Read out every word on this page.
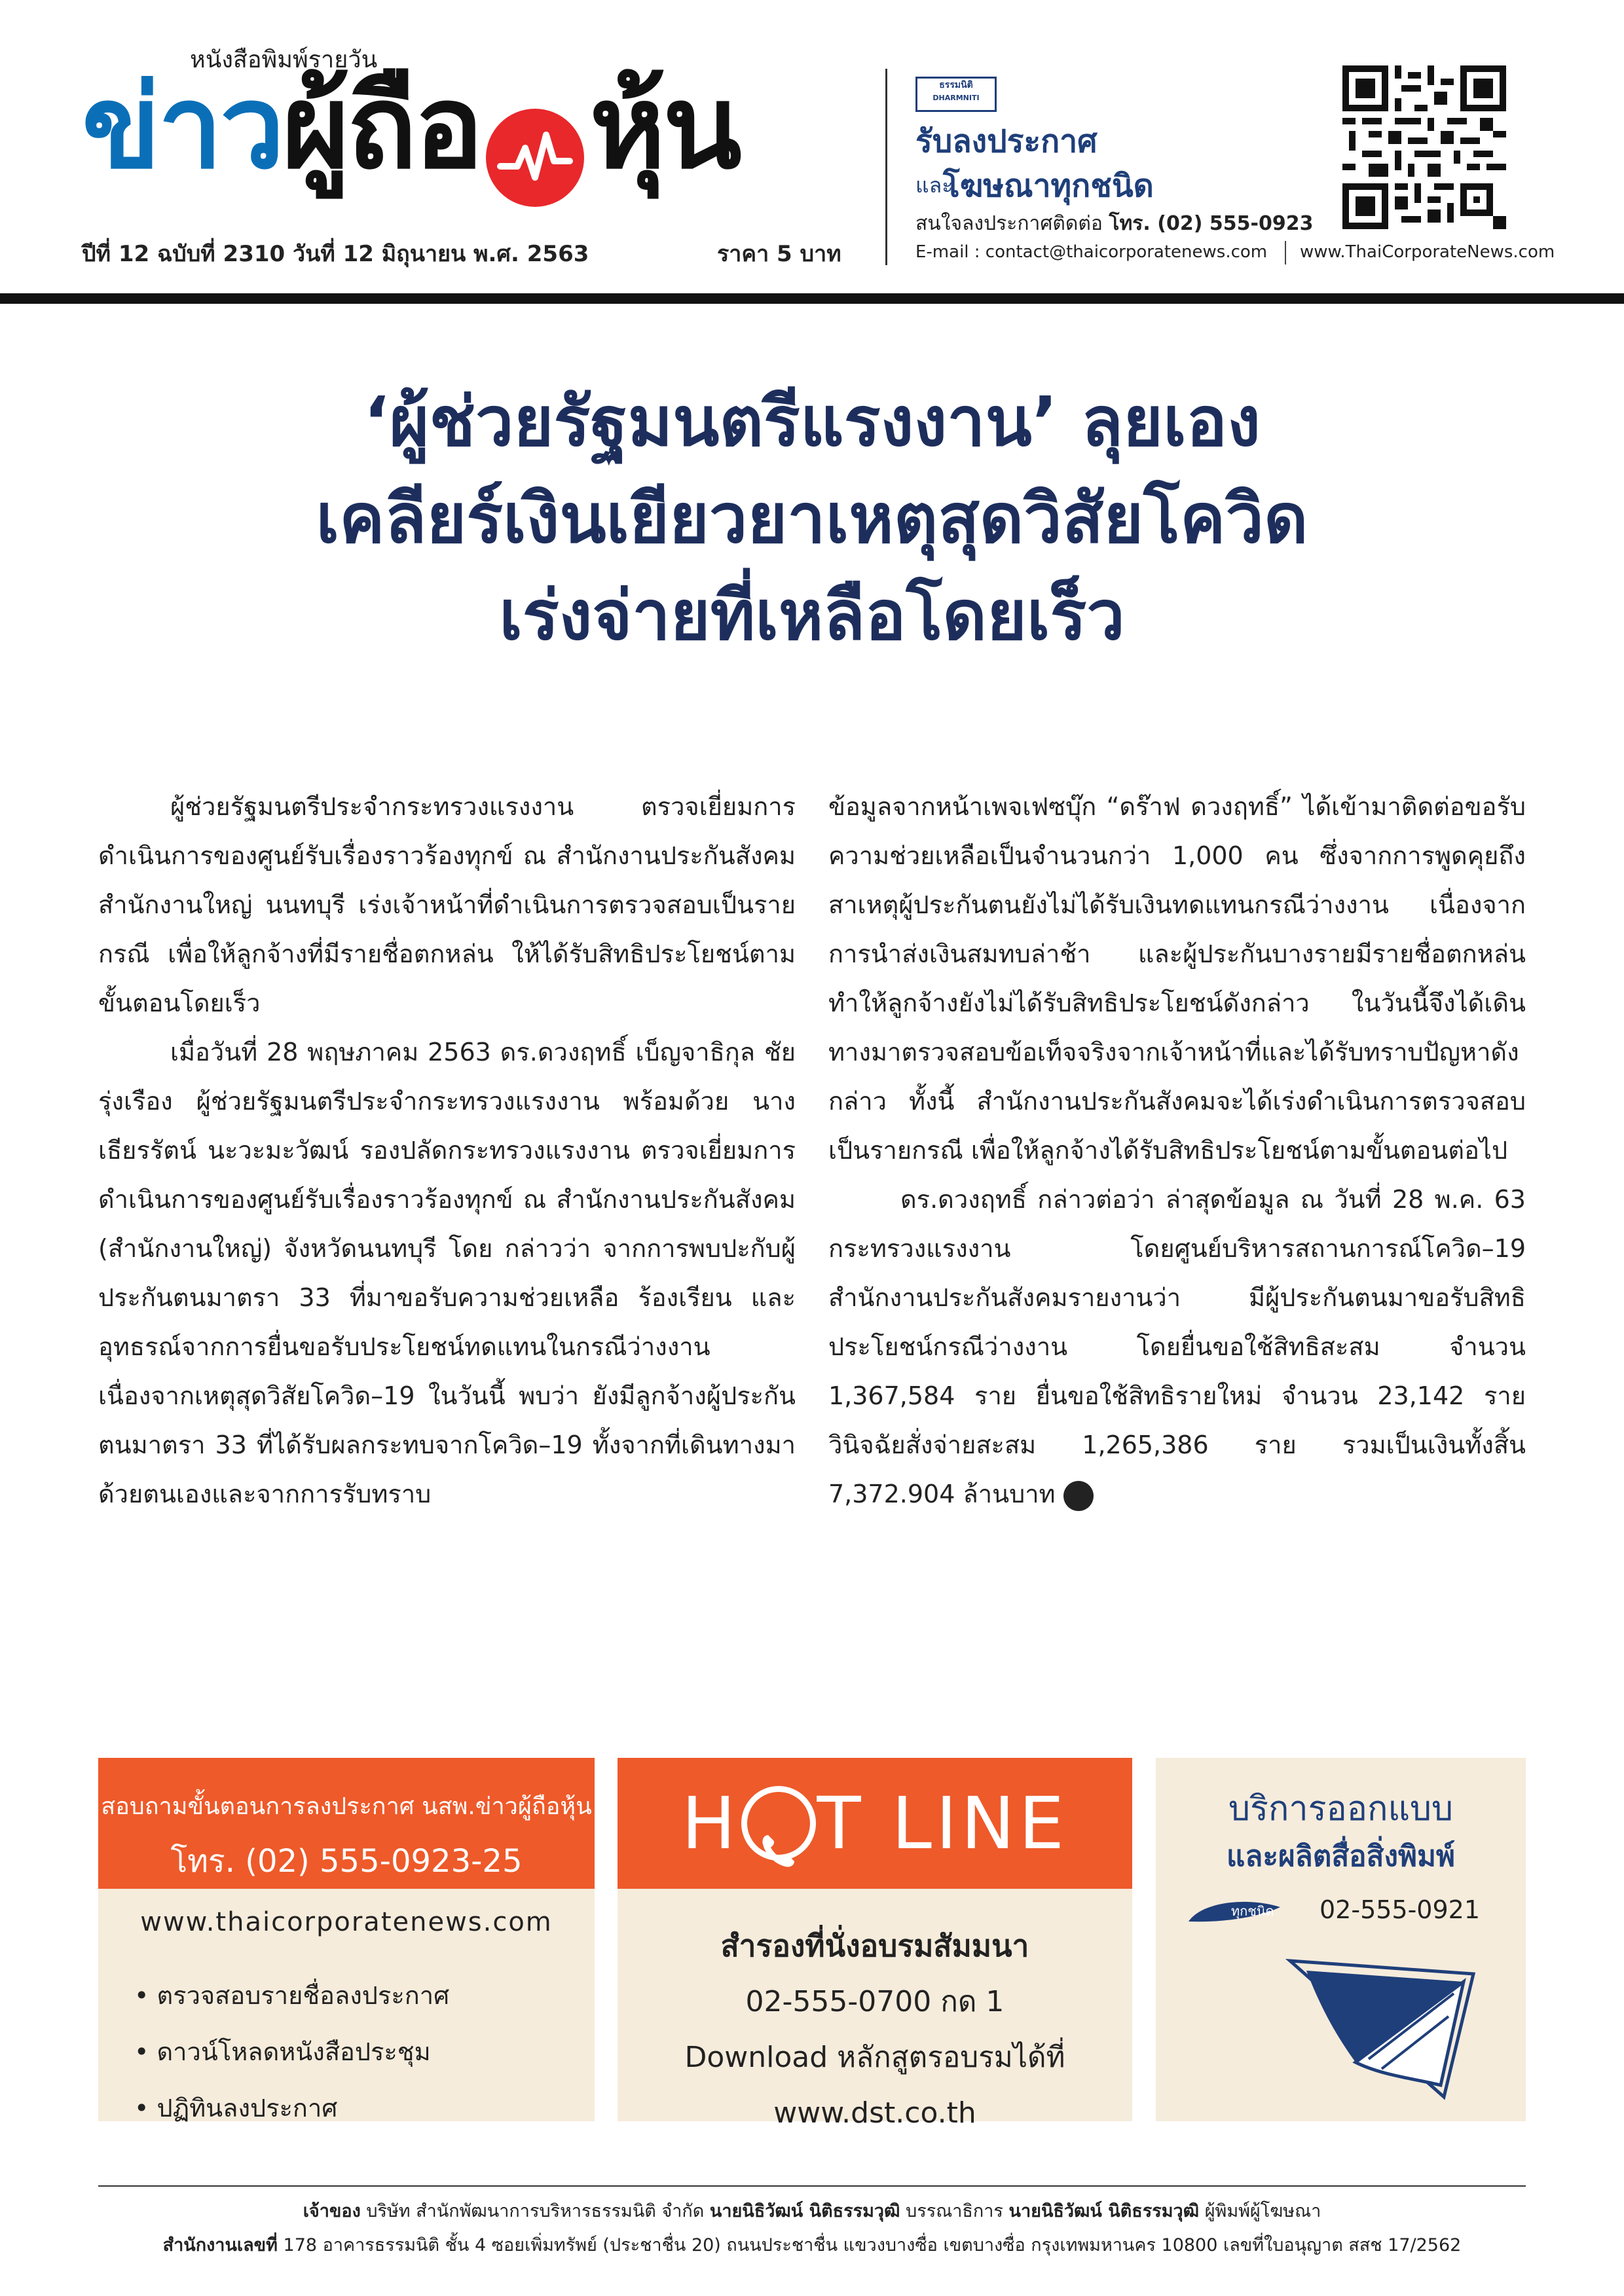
หนังสือพิมพ์รายวัน
ข่าวผู้ถือ หุ้น
ปีที่ 12 ฉบับที่ 2310 วันที่ 12 มิถุนายน พ.ศ. 2563	ราคา 5 บาท
ธรรมนิติ
DHARMNITI
รับลงประกาศ
และ
โฆษณาทุกชนิด
สนใจลงประกาศติดต่อ โทร. (02) 555-0923
E-mail : contact@thaicorporatenews.com www.ThaiCorporateNews.com
‘ผู้ช่วยรัฐมนตรีแรงงาน’ ลุยเอง
เคลียร์เงินเยียวยาเหตุสุดวิสัยโควิด
เร่งจ่ายที่เหลือโดยเร็ว

ผู้ช่วยรัฐมนตรีประจำกระทรวงแรงงาน ตรวจเยี่ยมการดำเนินการของศูนย์รับเรื่องราวร้องทุกข์ ณ สำนักงานประกันสังคม สำนักงานใหญ่ นนทบุรี เร่งเจ้าหน้าที่ดำเนินการตรวจสอบเป็นรายกรณี เพื่อให้ลูกจ้างที่มีรายชื่อตกหล่น ให้ได้รับสิทธิประโยชน์ตามขั้นตอนโดยเร็ว

เมื่อวันที่ 28 พฤษภาคม 2563 ดร.ดวงฤทธิ์ เบ็ญจาธิกุล ชัยรุ่งเรือง ผู้ช่วยรัฐมนตรีประจำกระทรวงแรงงาน พร้อมด้วย นางเธียรรัตน์ นะวะมะวัฒน์ รองปลัดกระทรวงแรงงาน ตรวจเยี่ยมการดำเนินการของศูนย์รับเรื่องราวร้องทุกข์ ณ สำนักงานประกันสังคม (สำนักงานใหญ่) จังหวัดนนทบุรี โดย กล่าวว่า จากการพบปะกับผู้ประกันตนมาตรา 33 ที่มาขอรับความช่วยเหลือ ร้องเรียน และอุทธรณ์จากการยื่นขอรับประโยชน์ทดแทนในกรณีว่างงานเนื่องจากเหตุสุดวิสัยโควิด–19 ในวันนี้ พบว่า ยังมีลูกจ้างผู้ประกันตนมาตรา 33 ที่ได้รับผลกระทบจากโควิด–19 ทั้งจากที่เดินทางมาด้วยตนเองและจากการรับทราบ

ข้อมูลจากหน้าเพจเฟซบุ๊ก “ดร๊าฟ ดวงฤทธิ์” ได้เข้ามาติดต่อขอรับความช่วยเหลือเป็นจำนวนกว่า 1,000 คน ซึ่งจากการพูดคุยถึงสาเหตุผู้ประกันตนยังไม่ได้รับเงินทดแทนกรณีว่างงาน เนื่องจากการนำส่งเงินสมทบล่าช้า และผู้ประกันบางรายมีรายชื่อตกหล่น ทำให้ลูกจ้างยังไม่ได้รับสิทธิประโยชน์ดังกล่าว ในวันนี้จึงได้เดินทางมาตรวจสอบข้อเท็จจริงจากเจ้าหน้าที่และได้รับทราบปัญหาดังกล่าว ทั้งนี้ สำนักงานประกันสังคมจะได้เร่งดำเนินการตรวจสอบเป็นรายกรณี เพื่อให้ลูกจ้างได้รับสิทธิประโยชน์ตามขั้นตอนต่อไป

ดร.ดวงฤทธิ์ กล่าวต่อว่า ล่าสุดข้อมูล ณ วันที่ 28 พ.ค. 63 กระทรวงแรงงาน โดยศูนย์บริหารสถานการณ์โควิด–19 สำนักงานประกันสังคมรายงานว่า มีผู้ประกันตนมาขอรับสิทธิประโยชน์กรณีว่างงาน โดยยื่นขอใช้สิทธิสะสม จำนวน 1,367,584 ราย ยื่นขอใช้สิทธิรายใหม่ จำนวน 23,142 ราย วินิจฉัยสั่งจ่ายสะสม 1,265,386 ราย รวมเป็นเงินทั้งสิ้น 7,372.904 ล้านบาท

สอบถามขั้นตอนการลงประกาศ นสพ.ข่าวผู้ถือหุ้น
โทร. (02) 555-0923-25
www.thaicorporatenews.com
• ตรวจสอบรายชื่อลงประกาศ
• ดาวน์โหลดหนังสือประชุม
• ปฏิทินลงประกาศ
H T LINE
สำรองที่นั่งอบรมสัมมนา
02-555-0700 กด 1
Download หลักสูตรอบรมได้ที่
www.dst.co.th
บริการออกแบบ
และผลิตสื่อสิ่งพิมพ์
ทุกชนิด 02-555-0921
เจ้าของ บริษัท สำนักพัฒนาการบริหารธรรมนิติ จำกัด นายนิธิวัฒน์ นิติธรรมวุฒิ บรรณาธิการ นายนิธิวัฒน์ นิติธรรมวุฒิ ผู้พิมพ์ผู้โฆษณา
สำนักงานเลขที่ 178 อาคารธรรมนิติ ชั้น 4 ซอยเพิ่มทรัพย์ (ประชาชื่น 20) ถนนประชาชื่น แขวงบางซื่อ เขตบางซื่อ กรุงเทพมหานคร 10800 เลขที่ใบอนุญาต สสช 17/2562
